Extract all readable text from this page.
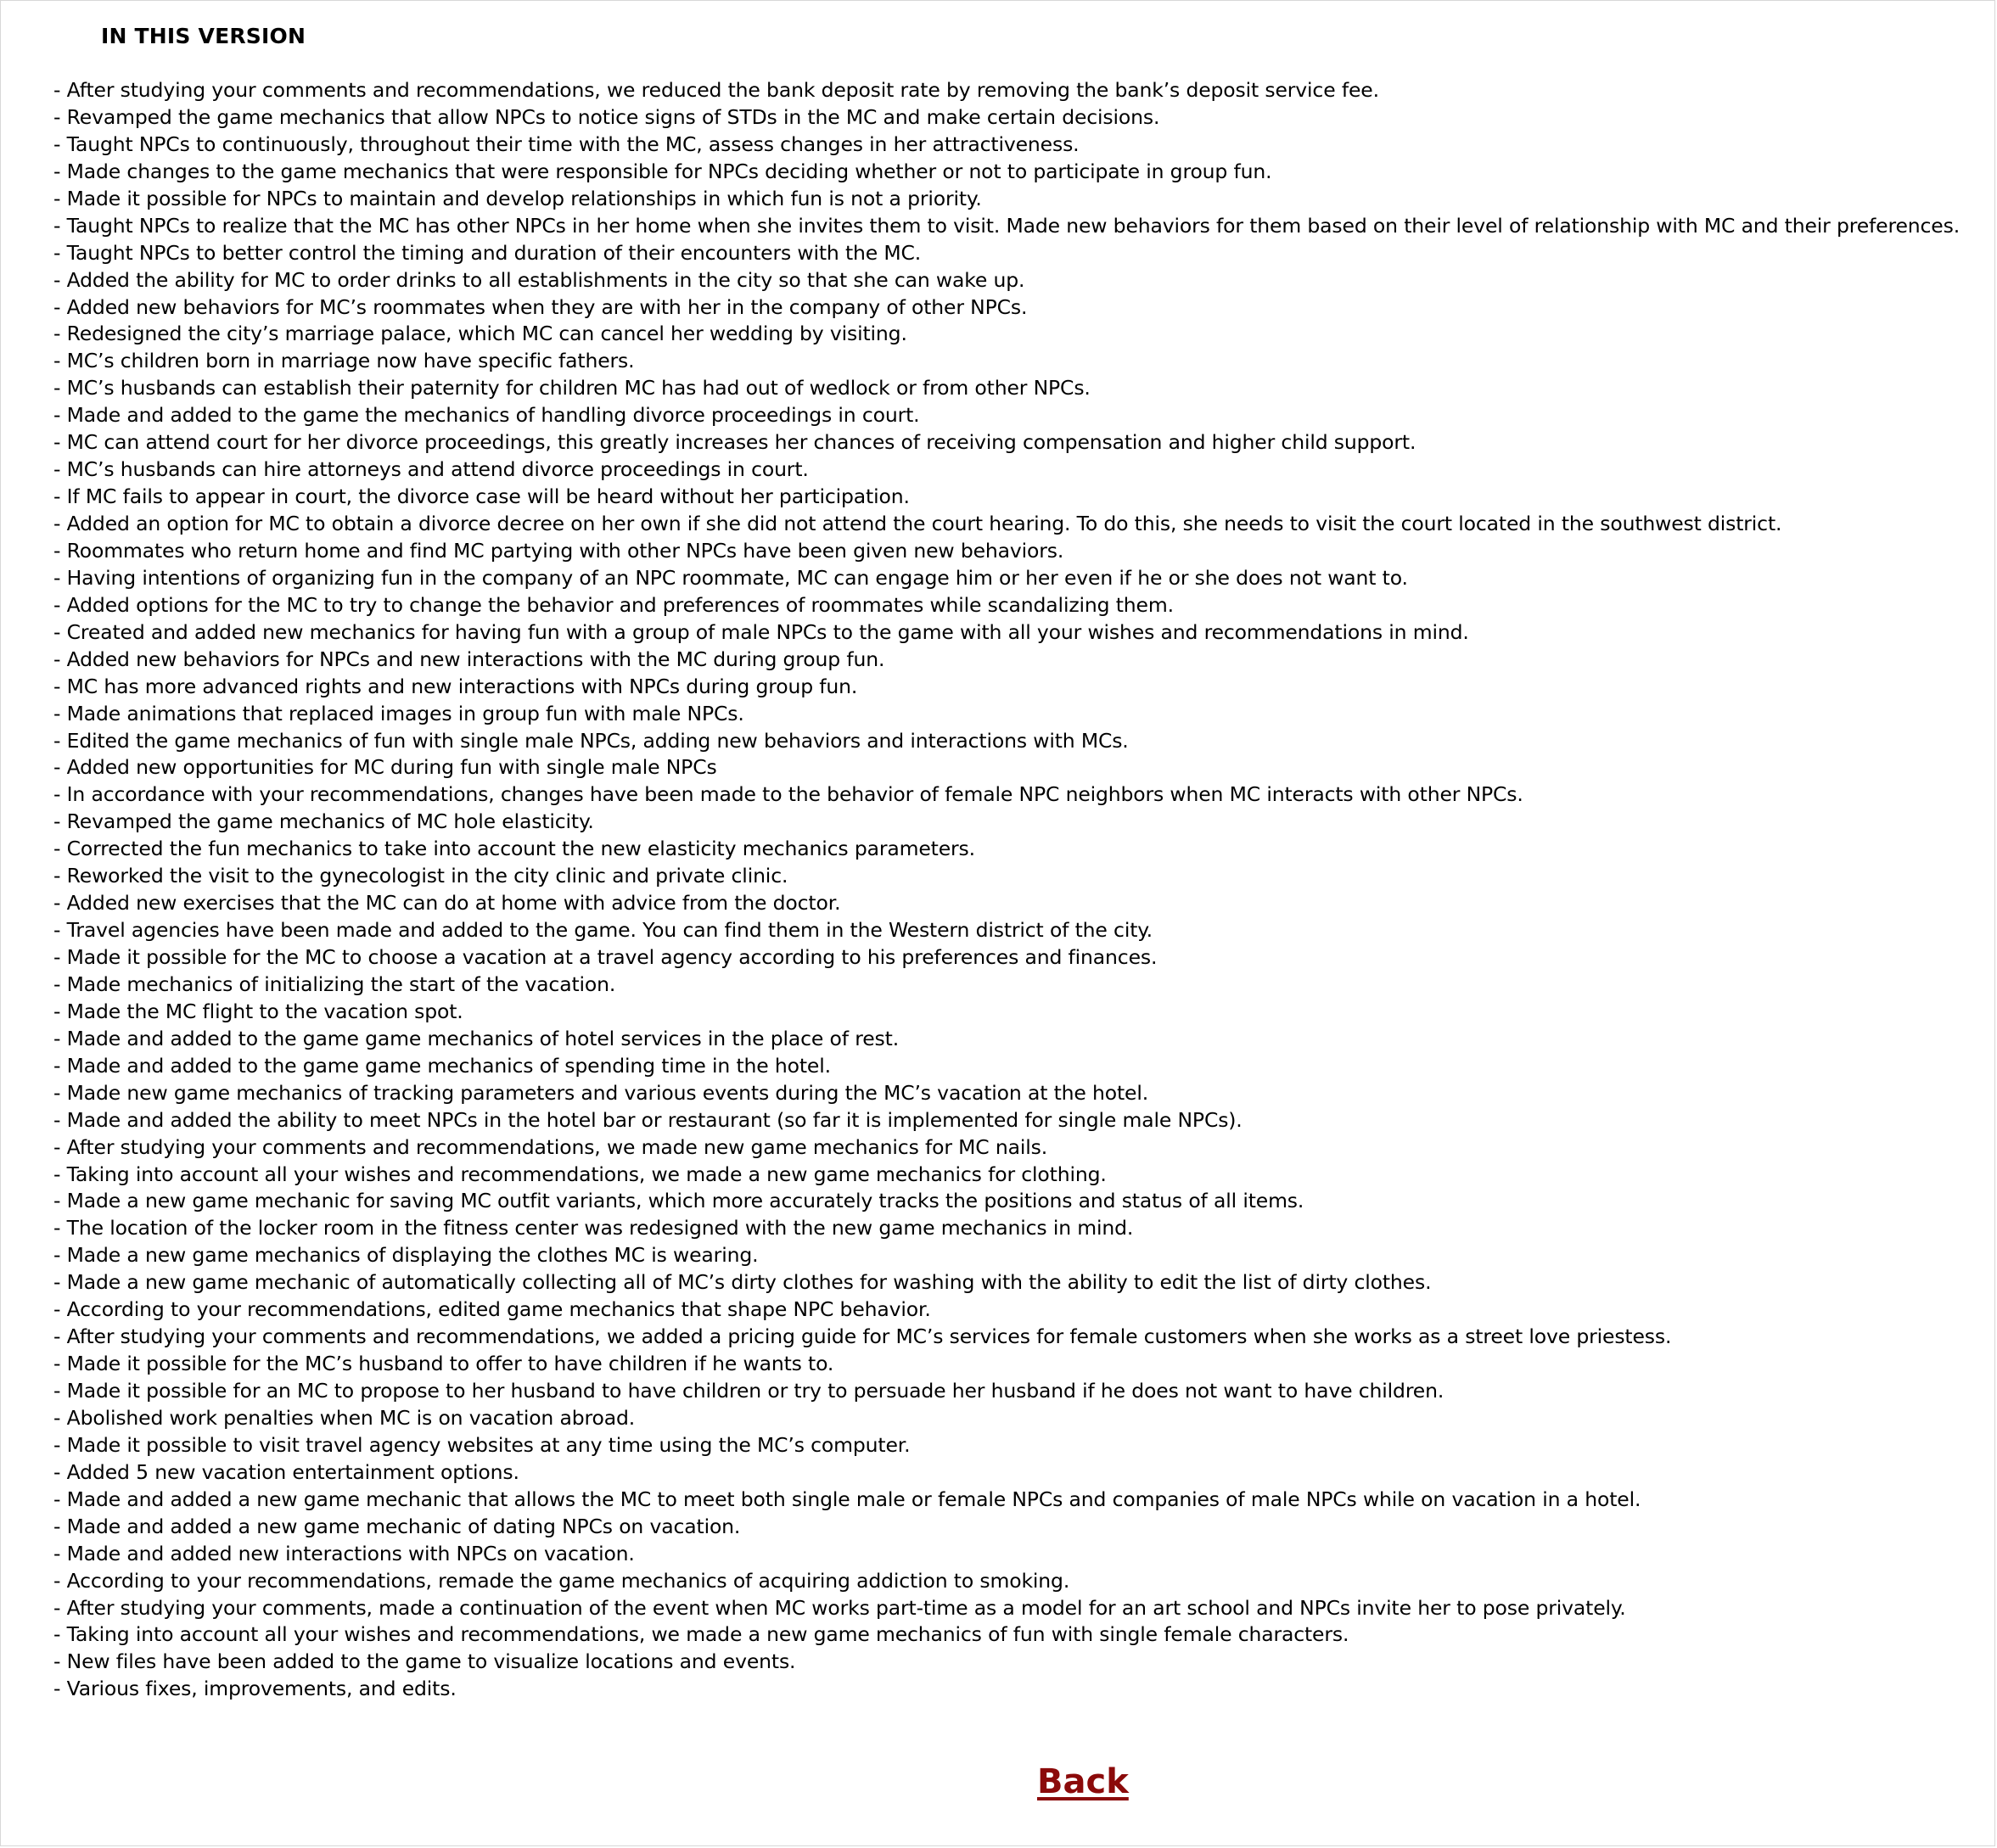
IN THIS VERSION
- After studying your comments and recommendations, we reduced the bank deposit rate by removing the bank’s deposit service fee.
- Revamped the game mechanics that allow NPCs to notice signs of STDs in the MC and make certain decisions.
- Taught NPCs to continuously, throughout their time with the MC, assess changes in her attractiveness.
- Made changes to the game mechanics that were responsible for NPCs deciding whether or not to participate in group fun.
- Made it possible for NPCs to maintain and develop relationships in which fun is not a priority.
- Taught NPCs to realize that the MC has other NPCs in her home when she invites them to visit. Made new behaviors for them based on their level of relationship with MC and their preferences.
- Taught NPCs to better control the timing and duration of their encounters with the MC.
- Added the ability for MC to order drinks to all establishments in the city so that she can wake up.
- Added new behaviors for MC’s roommates when they are with her in the company of other NPCs.
- Redesigned the city’s marriage palace, which MC can cancel her wedding by visiting.
- MC’s children born in marriage now have specific fathers.
- MC’s husbands can establish their paternity for children MC has had out of wedlock or from other NPCs.
- Made and added to the game the mechanics of handling divorce proceedings in court.
- MC can attend court for her divorce proceedings, this greatly increases her chances of receiving compensation and higher child support.
- MC’s husbands can hire attorneys and attend divorce proceedings in court.
- If MC fails to appear in court, the divorce case will be heard without her participation.
- Added an option for MC to obtain a divorce decree on her own if she did not attend the court hearing. To do this, she needs to visit the court located in the southwest district.
- Roommates who return home and find MC partying with other NPCs have been given new behaviors.
- Having intentions of organizing fun in the company of an NPC roommate, MC can engage him or her even if he or she does not want to.
- Added options for the MC to try to change the behavior and preferences of roommates while scandalizing them.
- Created and added new mechanics for having fun with a group of male NPCs to the game with all your wishes and recommendations in mind.
- Added new behaviors for NPCs and new interactions with the MC during group fun.
- MC has more advanced rights and new interactions with NPCs during group fun.
- Made animations that replaced images in group fun with male NPCs.
- Edited the game mechanics of fun with single male NPCs, adding new behaviors and interactions with MCs.
- Added new opportunities for MC during fun with single male NPCs
- In accordance with your recommendations, changes have been made to the behavior of female NPC neighbors when MC interacts with other NPCs.
- Revamped the game mechanics of MC hole elasticity.
- Corrected the fun mechanics to take into account the new elasticity mechanics parameters.
- Reworked the visit to the gynecologist in the city clinic and private clinic.
- Added new exercises that the MC can do at home with advice from the doctor.
- Travel agencies have been made and added to the game. You can find them in the Western district of the city.
- Made it possible for the MC to choose a vacation at a travel agency according to his preferences and finances.
- Made mechanics of initializing the start of the vacation.
- Made the MC flight to the vacation spot.
- Made and added to the game game mechanics of hotel services in the place of rest.
- Made and added to the game game mechanics of spending time in the hotel.
- Made new game mechanics of tracking parameters and various events during the MC’s vacation at the hotel.
- Made and added the ability to meet NPCs in the hotel bar or restaurant (so far it is implemented for single male NPCs).
- After studying your comments and recommendations, we made new game mechanics for MC nails.
- Taking into account all your wishes and recommendations, we made a new game mechanics for clothing.
- Made a new game mechanic for saving MC outfit variants, which more accurately tracks the positions and status of all items.
- The location of the locker room in the fitness center was redesigned with the new game mechanics in mind.
- Made a new game mechanics of displaying the clothes MC is wearing.
- Made a new game mechanic of automatically collecting all of MC’s dirty clothes for washing with the ability to edit the list of dirty clothes.
- According to your recommendations, edited game mechanics that shape NPC behavior.
- After studying your comments and recommendations, we added a pricing guide for MC’s services for female customers when she works as a street love priestess.
- Made it possible for the MC’s husband to offer to have children if he wants to.
- Made it possible for an MC to propose to her husband to have children or try to persuade her husband if he does not want to have children.
- Abolished work penalties when MC is on vacation abroad.
- Made it possible to visit travel agency websites at any time using the MC’s computer.
- Added 5 new vacation entertainment options.
- Made and added a new game mechanic that allows the MC to meet both single male or female NPCs and companies of male NPCs while on vacation in a hotel.
- Made and added a new game mechanic of dating NPCs on vacation.
- Made and added new interactions with NPCs on vacation.
- According to your recommendations, remade the game mechanics of acquiring addiction to smoking.
- After studying your comments, made a continuation of the event when MC works part-time as a model for an art school and NPCs invite her to pose privately.
- Taking into account all your wishes and recommendations, we made a new game mechanics of fun with single female characters.
- New files have been added to the game to visualize locations and events.
- Various fixes, improvements, and edits.
Back
